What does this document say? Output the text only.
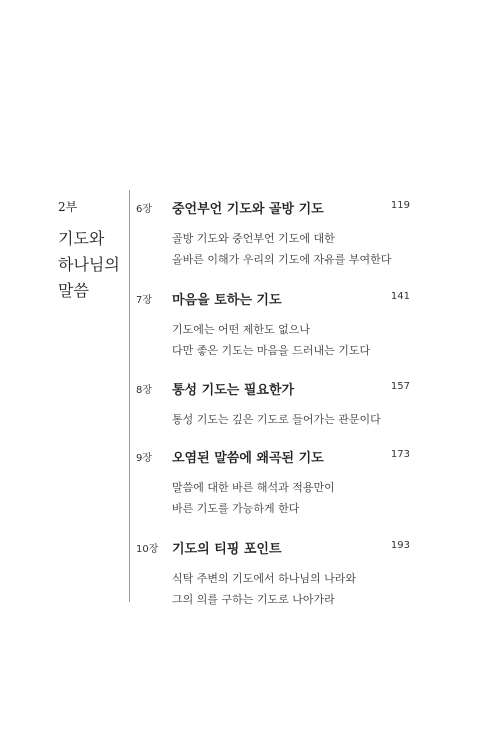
2부
기도와
하나님의
말씀
6장 중언부언 기도와 골방 기도	119
골방 기도와 중언부언 기도에 대한
올바른 이해가 우리의 기도에 자유를 부여한다
7장 마음을 토하는 기도	141
기도에는 어떤 제한도 없으나
다만 좋은 기도는 마음을 드러내는 기도다
8장 통성 기도는 필요한가	157
통성 기도는 깊은 기도로 들어가는 관문이다
9장 오염된 말씀에 왜곡된 기도	173
말씀에 대한 바른 해석과 적용만이
바른 기도를 가능하게 한다
10장 기도의 티핑 포인트	193
식탁 주변의 기도에서 하나님의 나라와
그의 의를 구하는 기도로 나아가라
